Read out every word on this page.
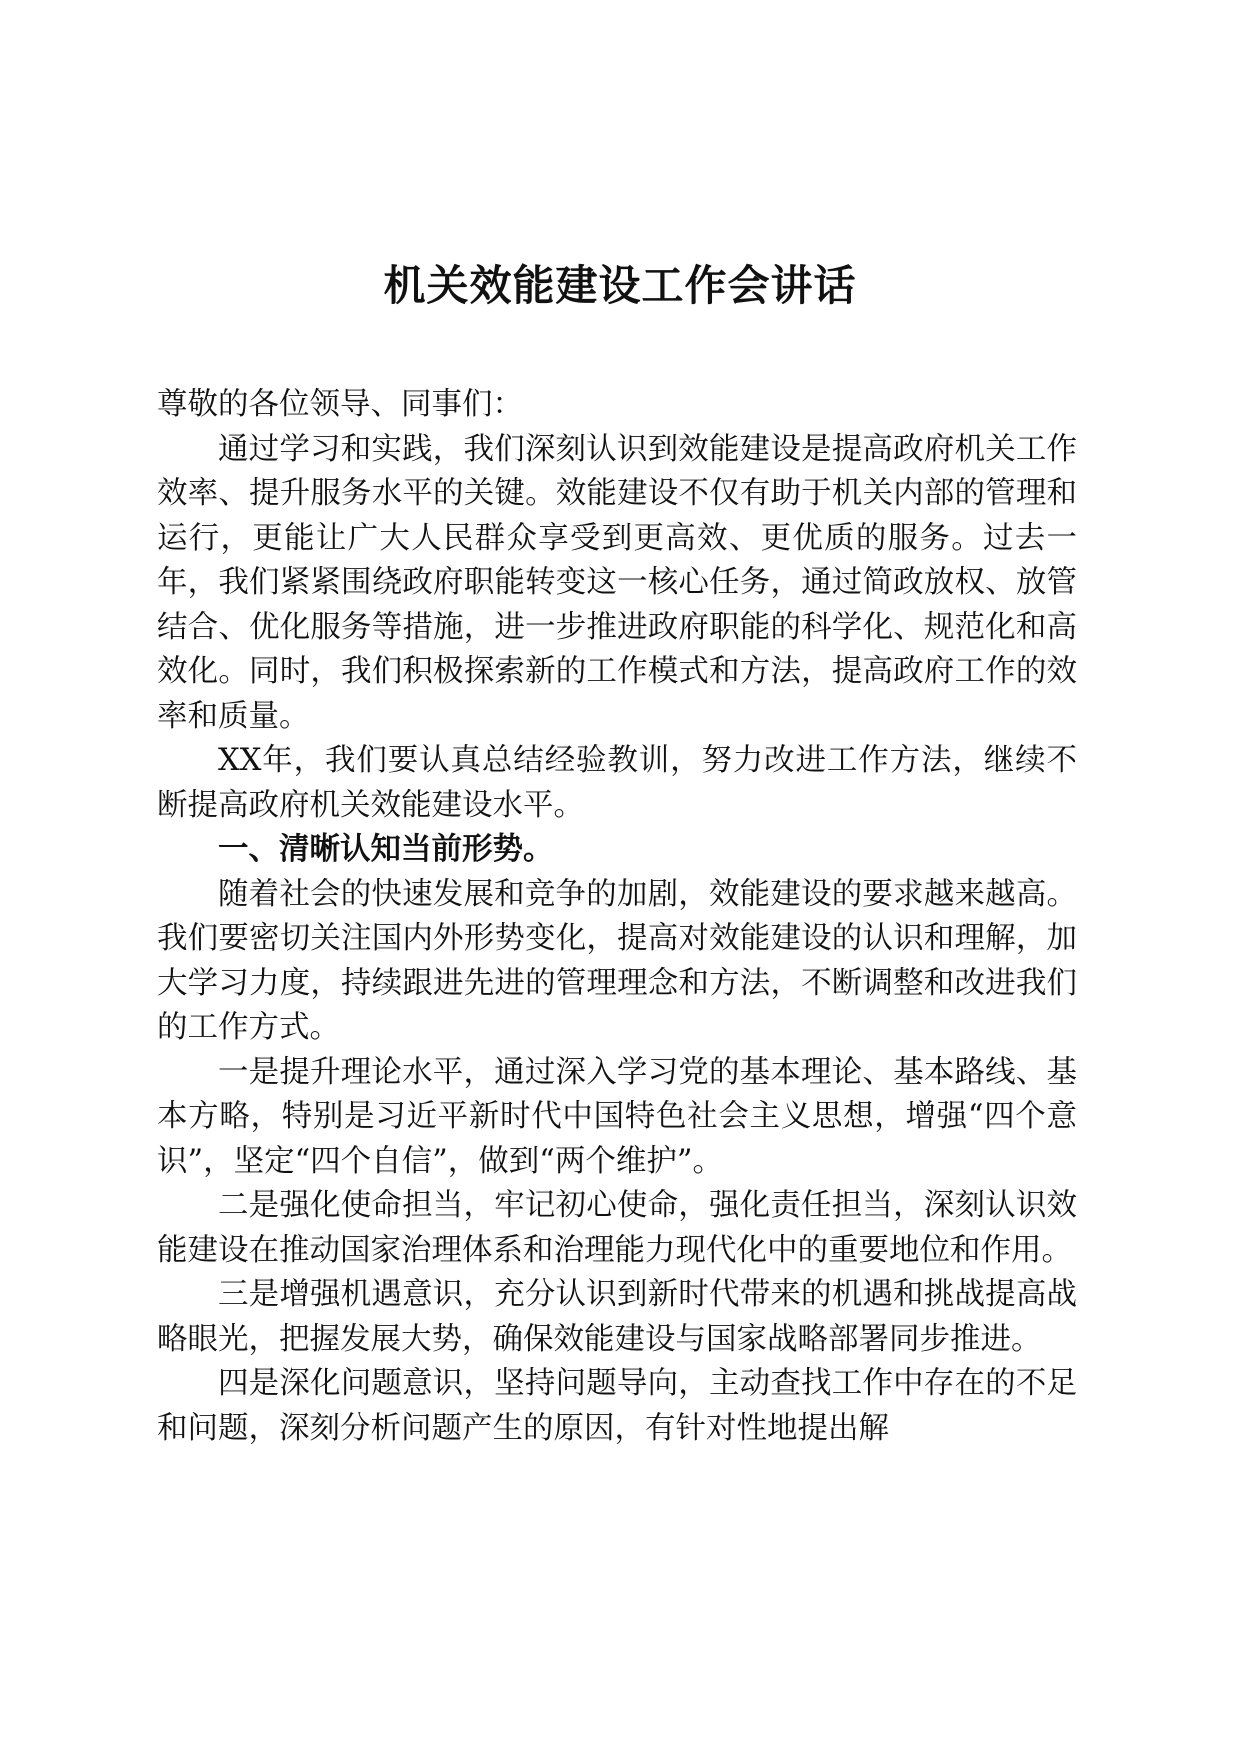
机关效能建设工作会讲话

尊敬的各位领导、同事们：

通过学习和实践，我们深刻认识到效能建设是提高政府机关工作效率、提升服务水平的关键。效能建设不仅有助于机关内部的管理和运行，更能让广大人民群众享受到更高效、更优质的服务。过去一年，我们紧紧围绕政府职能转变这一核心任务，通过简政放权、放管结合、优化服务等措施，进一步推进政府职能的科学化、规范化和高效化。同时，我们积极探索新的工作模式和方法，提高政府工作的效率和质量。

XX年，我们要认真总结经验教训，努力改进工作方法，继续不断提高政府机关效能建设水平。

一、清晰认知当前形势。

随着社会的快速发展和竞争的加剧，效能建设的要求越来越高。我们要密切关注国内外形势变化，提高对效能建设的认识和理解，加大学习力度，持续跟进先进的管理理念和方法，不断调整和改进我们的工作方式。

一是提升理论水平，通过深入学习党的基本理论、基本路线、基本方略，特别是习近平新时代中国特色社会主义思想，增强“四个意识”，坚定“四个自信”，做到“两个维护”。

二是强化使命担当，牢记初心使命，强化责任担当，深刻认识效能建设在推动国家治理体系和治理能力现代化中的重要地位和作用。

三是增强机遇意识，充分认识到新时代带来的机遇和挑战提高战略眼光，把握发展大势，确保效能建设与国家战略部署同步推进。

四是深化问题意识，坚持问题导向，主动查找工作中存在的不足和问题，深刻分析问题产生的原因，有针对性地提出解
